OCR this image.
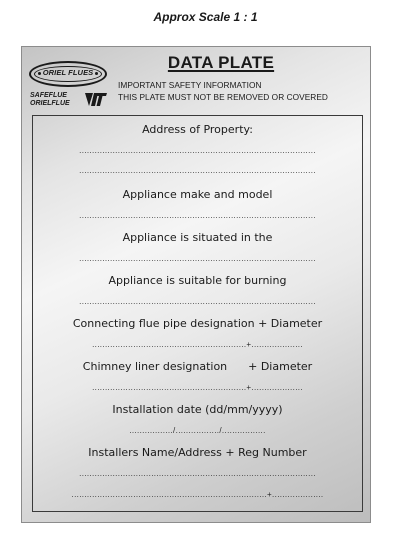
Approx Scale 1 : 1
ORIEL FLUES
SAFEFLUE
ORIELFLUE
DATA PLATE
IMPORTANT SAFETY INFORMATION
THIS PLATE MUST NOT BE REMOVED OR COVERED
Address of Property:
............................................................................................
............................................................................................
Appliance make and model
............................................................................................
Appliance is situated in the
............................................................................................
Appliance is suitable for burning
............................................................................................
Connecting flue pipe designation + Diameter
............................................................+....................
Chimney liner designation      + Diameter
............................................................+....................
Installation date (dd/mm/yyyy)
................./................./.................
Installers Name/Address + Reg Number
............................................................................................
............................................................................+....................
